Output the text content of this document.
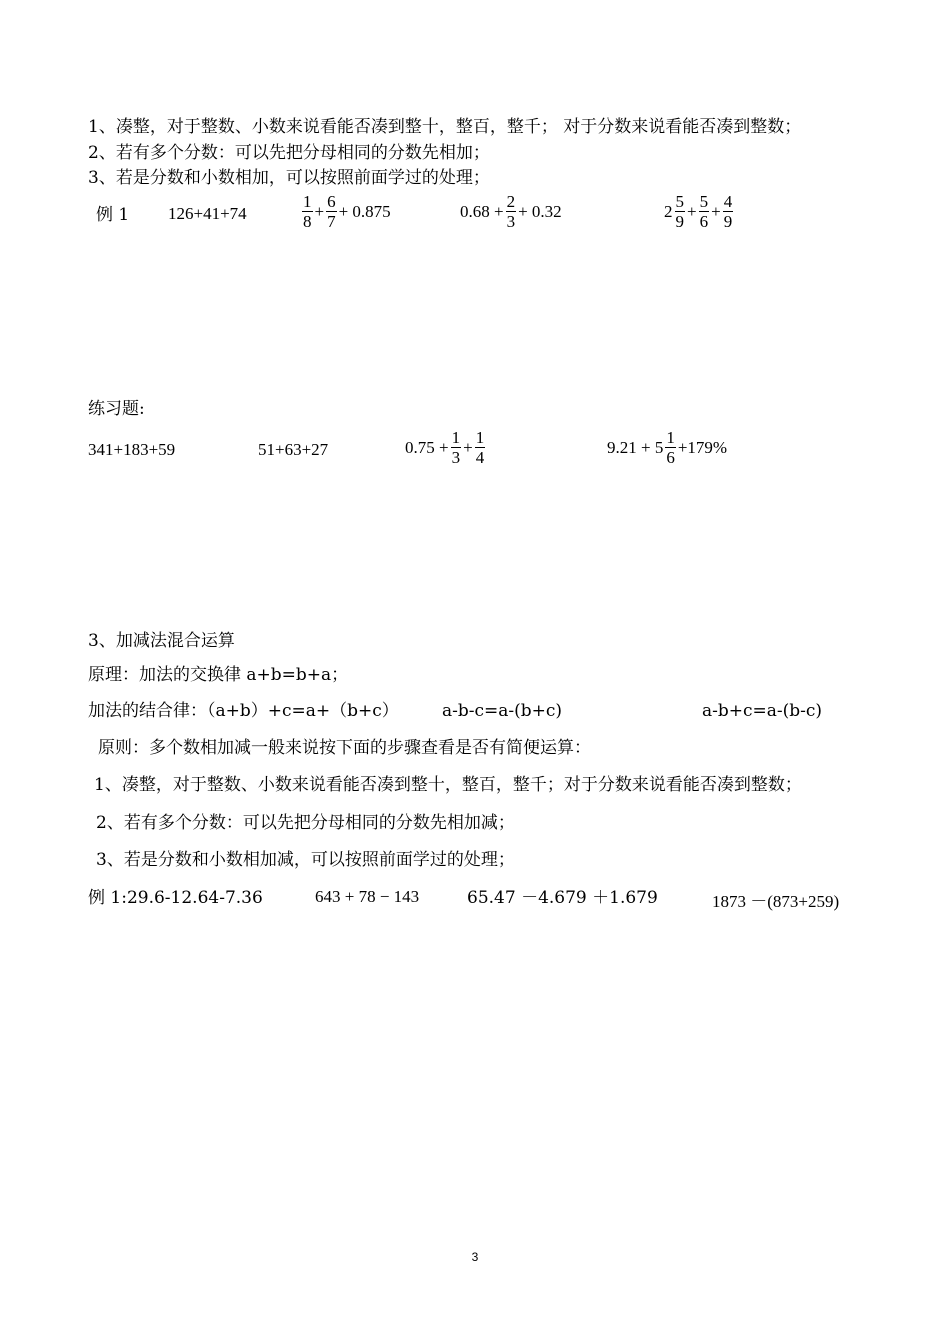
1、凑整，对于整数、小数来说看能否凑到整十，整百，整千； 对于分数来说看能否凑到整数；
2、若有多个分数：可以先把分母相同的分数先相加；
3、若是分数和小数相加，可以按照前面学过的处理；
例 1 126+41+74	$\frac{1}{8} + \frac{6}{7} + 0.875$	$0.68 + \frac{2}{3} + 0.32$	$2 \frac{5}{9} + \frac{5}{6} + \frac{4}{9}$
练习题:
341+183+59	51+63+27	$0.75 + \frac{1}{3} + \frac{1}{4}$	$9.21 + 5 \frac{1}{6} +179\%$
3、加减法混合运算
原理：加法的交换律 a+b=b+a；
加法的结合律：（a+b）+c=a+（b+c）	a-b-c=a-(b+c)	a-b+c=a-(b-c)
原则：多个数相加减一般来说按下面的步骤查看是否有简便运算：
1、凑整，对于整数、小数来说看能否凑到整十，整百，整千；对于分数来说看能否凑到整数；
2、若有多个分数：可以先把分母相同的分数先相加减；
3、若是分数和小数相加减，可以按照前面学过的处理；
例 1:29.6-12.64-7.36	643 + 78 − 143	65.47 －4.679 ＋1.679	1873 －(873+259)
3
